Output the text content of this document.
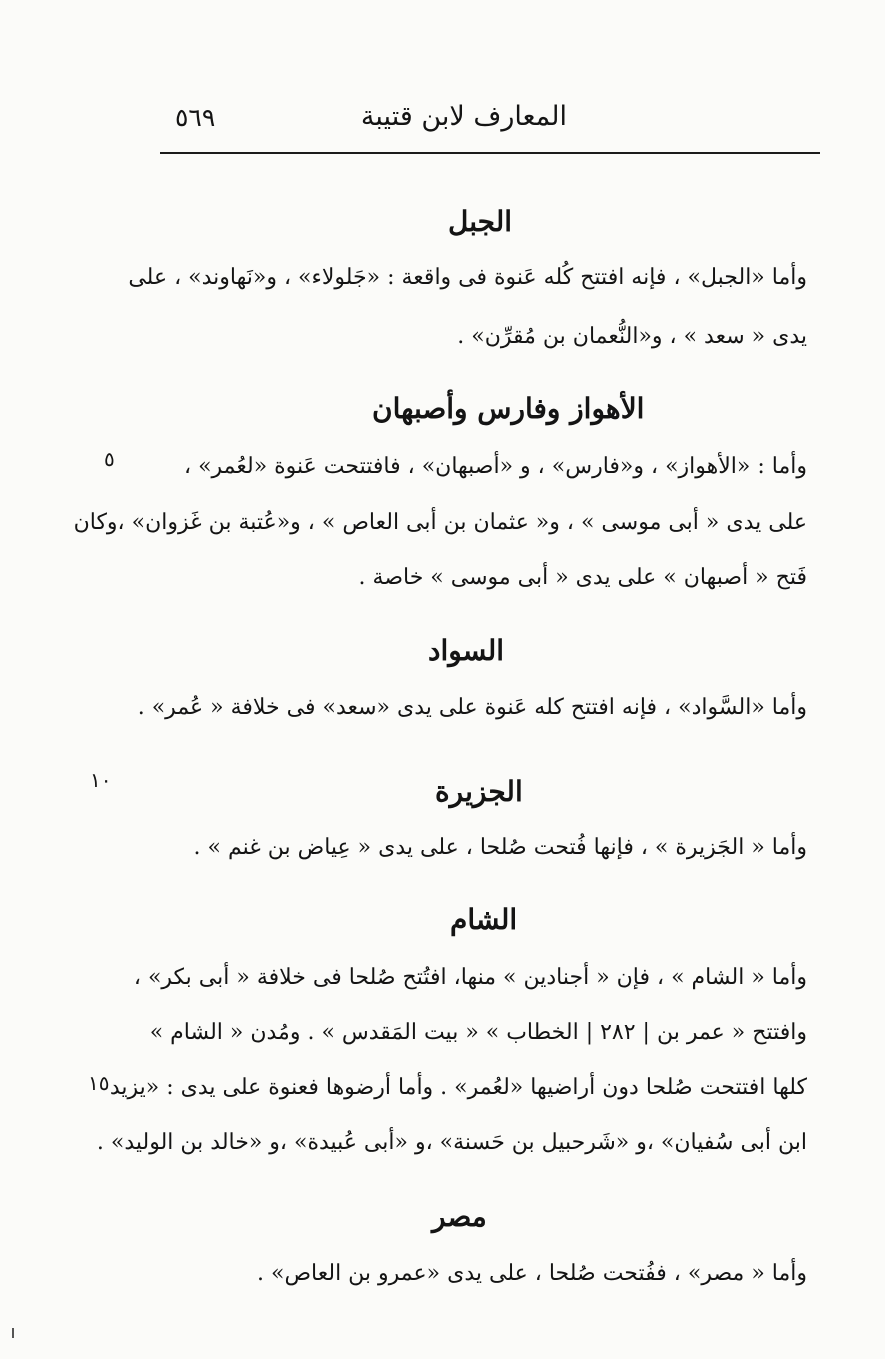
٥٦٩	المعارف لابن قتيبة
الجبل
وأما «الجبل» ، فإنه افتتح كُله عَنوة فى واقعة : «جَلولاء» ، و«نَهاوند» ، على
يدى « سعد » ، و«النُّعمان بن مُقرِّن» .
الأهواز وفارس وأصبهان
٥	وأما : «الأهواز» ، و«فارس» ، و «أصبهان» ، فافتتحت عَنوة «لعُمر» ،
على يدى « أبى موسى » ، و« عثمان بن أبى العاص » ، و«عُتبة بن غَزوان» ،وكان
فَتح « أصبهان » على يدى « أبى موسى » خاصة .
السواد
وأما «السَّواد» ، فإنه افتتح كله عَنوة على يدى «سعد» فى خلافة « عُمر» .
١٠	الجزيرة
وأما « الجَزيرة » ، فإنها فُتحت صُلحا ، على يدى « عِياض بن غنم » .
الشام
وأما « الشام » ، فإن « أجنادين » منها، افتُتح صُلحا فى خلافة « أبى بكر» ،
وافتتح « عمر بن | ٢٨٢ | الخطاب » « بيت المَقدس » . ومُدن « الشام »
١٥ كلها افتتحت صُلحا دون أراضيها «لعُمر» . وأما أرضوها فعنوة على يدى : «يزيد
ابن أبى سُفيان» ،و «شَرحبيل بن حَسنة» ،و «أبى عُبيدة» ،و «خالد بن الوليد» .
مصر
وأما « مصر» ، ففُتحت صُلحا ، على يدى «عمرو بن العاص» .
